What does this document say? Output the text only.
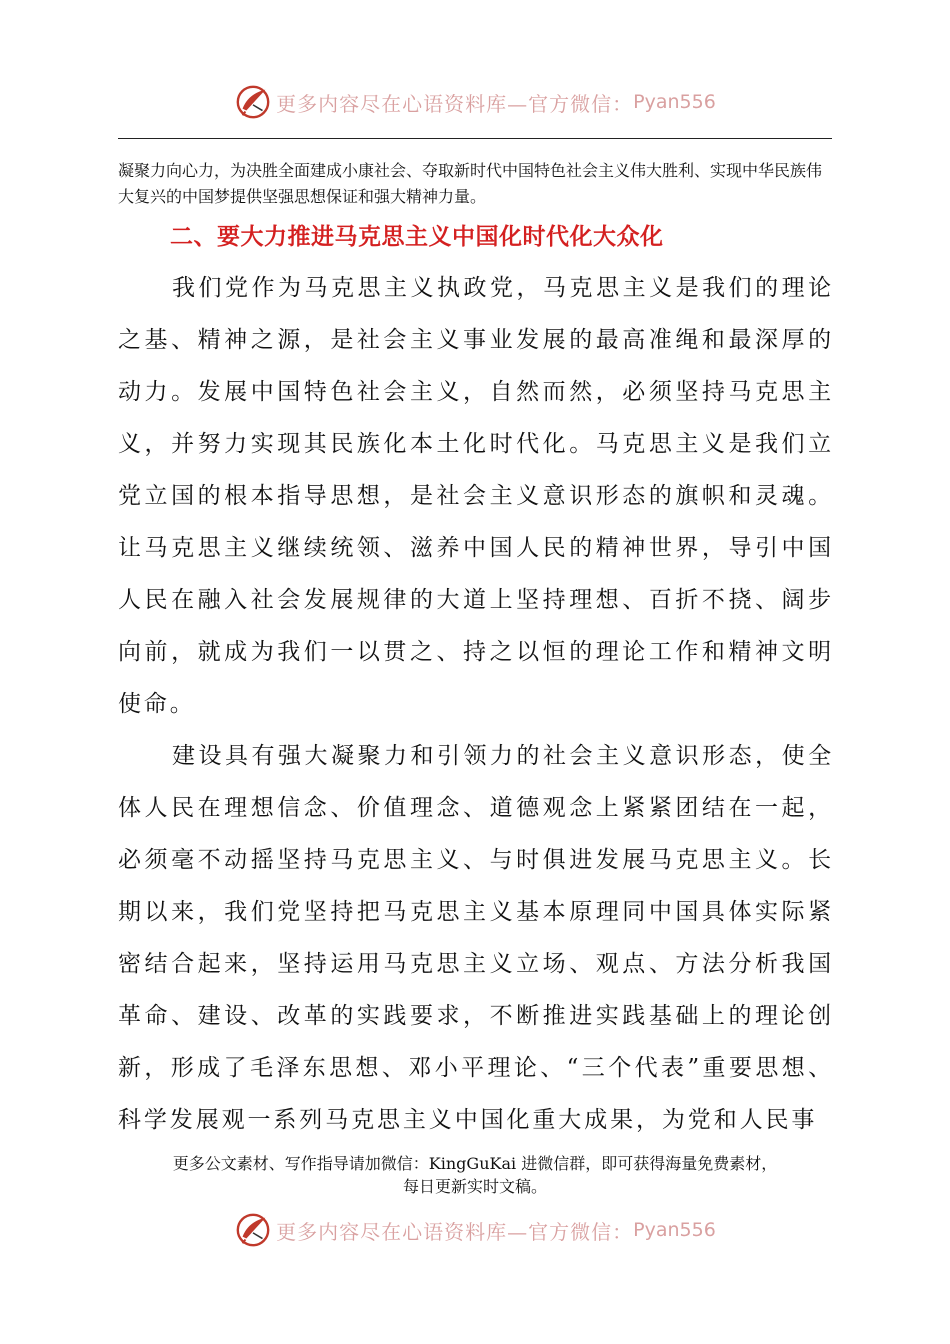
更多内容尽在心语资料库—官方微信： Pyan556
凝聚力向心力，为决胜全面建成小康社会、夺取新时代中国特色社会主义伟大胜利、实现中华民族伟大复兴的中国梦提供坚强思想保证和强大精神力量。
二、要大力推进马克思主义中国化时代化大众化
我们党作为马克思主义执政党，马克思主义是我们的理论之基、精神之源，是社会主义事业发展的最高准绳和最深厚的动力。发展中国特色社会主义，自然而然，必须坚持马克思主义，并努力实现其民族化本土化时代化。马克思主义是我们立党立国的根本指导思想，是社会主义意识形态的旗帜和灵魂。让马克思主义继续统领、滋养中国人民的精神世界，导引中国人民在融入社会发展规律的大道上坚持理想、百折不挠、阔步向前，就成为我们一以贯之、持之以恒的理论工作和精神文明使命。
建设具有强大凝聚力和引领力的社会主义意识形态，使全体人民在理想信念、价值理念、道德观念上紧紧团结在一起，必须毫不动摇坚持马克思主义、与时俱进发展马克思主义。长期以来，我们党坚持把马克思主义基本原理同中国具体实际紧密结合起来，坚持运用马克思主义立场、观点、方法分析我国革命、建设、改革的实践要求，不断推进实践基础上的理论创新，形成了毛泽东思想、邓小平理论、“三个代表”重要思想、科学发展观一系列马克思主义中国化重大成果，为党和人民事
更多公文素材、写作指导请加微信：KingGuKai 进微信群，即可获得海量免费素材，
每日更新实时文稿。
更多内容尽在心语资料库—官方微信： Pyan556
